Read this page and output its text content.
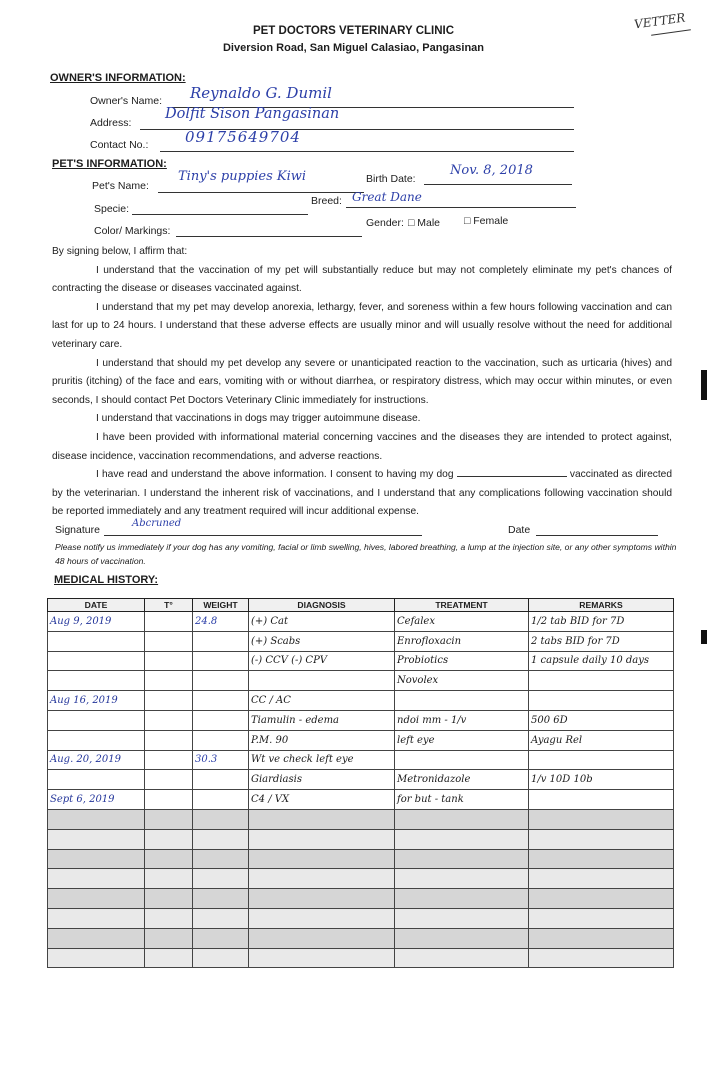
VETTER
PET DOCTORS VETERINARY CLINIC
Diversion Road, San Miguel Calasiao, Pangasinan
OWNER'S INFORMATION:
Owner's Name: Reynaldo G. Dumil
Address:
Dolfit Sison Pangasinan
Contact No.: 09175649704
PET'S INFORMATION:
Pet's Name:
Tiny's puppies Kiwi	Birth Date:
Nov. 8, 2018
Specie:
Breed: Great Dane
Color/ Markings:
Gender: □ Male □ Female

By signing below, I affirm that:

I understand that the vaccination of my pet will substantially reduce but may not completely eliminate my pet's chances of contracting the disease or diseases vaccinated against.

I understand that my pet may develop anorexia, lethargy, fever, and soreness within a few hours following vaccination and can last for up to 24 hours. I understand that these adverse effects are usually minor and will usually resolve without the need for additional veterinary care.

I understand that should my pet develop any severe or unanticipated reaction to the vaccination, such as urticaria (hives) and pruritis (itching) of the face and ears, vomiting with or without diarrhea, or respiratory distress, which may occur within minutes, or even seconds, I should contact Pet Doctors Veterinary Clinic immediately for instructions.

I understand that vaccinations in dogs may trigger autoimmune disease.

I have been provided with informational material concerning vaccines and the diseases they are intended to protect against, disease incidence, vaccination recommendations, and adverse reactions.

I have read and understand the above information. I consent to having my dog	vaccinated as directed by the veterinarian. I understand the inherent risk of vaccinations, and I understand that any complications following vaccination should be reported immediately and any treatment required will incur additional expense.

Signature
Abcruned
Date
Please notify us immediately if your dog has any vomiting, facial or limb swelling, hives, labored breathing, a lump at the injection site, or any other symptoms within 48 hours of vaccination.
MEDICAL HISTORY:
DATE	T°	WEIGHT	DIAGNOSIS	TREATMENT	REMARKS
Aug 9, 2019		24.8	(+) Cat	Cefalex	1/2 tab BID for 7D
			(+) Scabs	Enrofloxacin	2 tabs BID for 7D
			(-) CCV (-) CPV	Probiotics	1 capsule daily 10 days
				Novolex	
Aug 16, 2019			CC / AC		
			Tiamulin - edema	ndoi mm - 1/v	500 6D
			P.M. 90	left eye	Ayagu Rel
Aug. 20, 2019		30.3	Wt ve check left eye		
			Giardiasis	Metronidazole	1/v 10D 10b
Sept 6, 2019			C4 / VX	for but - tank	
